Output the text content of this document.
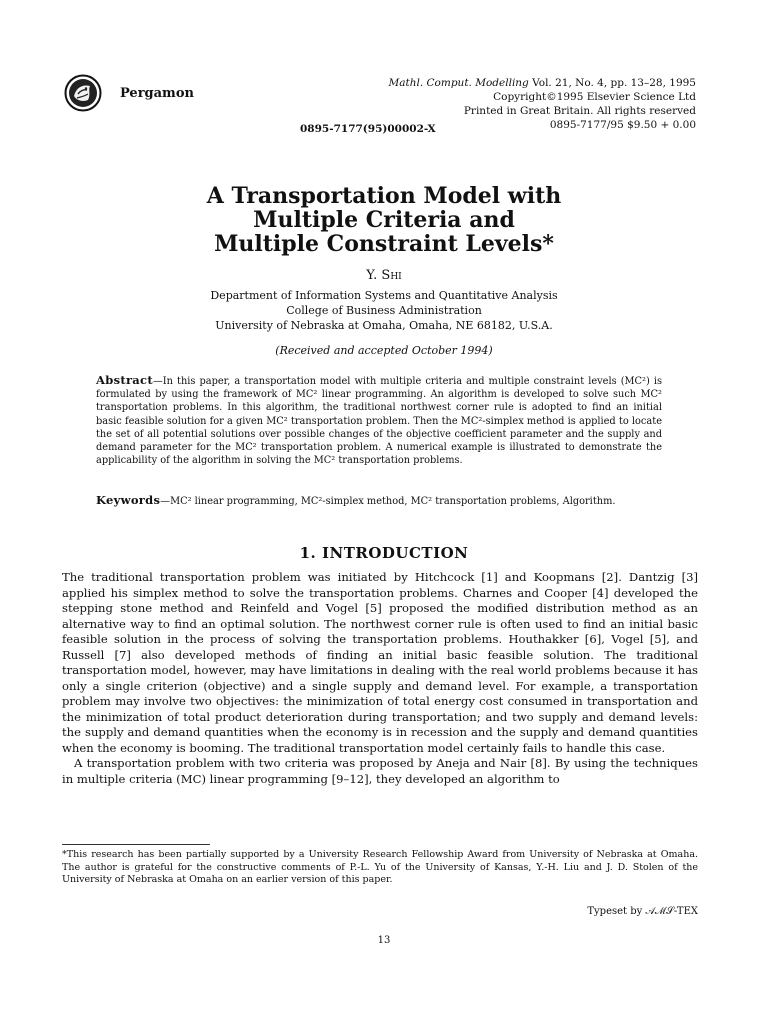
Pergamon
Mathl. Comput. Modelling Vol. 21, No. 4, pp. 13–28, 1995
Copyright©1995 Elsevier Science Ltd
Printed in Great Britain. All rights reserved
0895-7177/95 $9.50 + 0.00
0895-7177(95)00002-X
A Transportation Model with
Multiple Criteria and
Multiple Constraint Levels*
Y. Shi
Department of Information Systems and Quantitative Analysis
College of Business Administration
University of Nebraska at Omaha, Omaha, NE 68182, U.S.A.
(Received and accepted October 1994)
Abstract—In this paper, a transportation model with multiple criteria and multiple constraint levels (MC²) is formulated by using the framework of MC² linear programming. An algorithm is developed to solve such MC² transportation problems. In this algorithm, the traditional northwest corner rule is adopted to find an initial basic feasible solution for a given MC² transportation problem. Then the MC²-simplex method is applied to locate the set of all potential solutions over possible changes of the objective coefficient parameter and the supply and demand parameter for the MC² transportation problem. A numerical example is illustrated to demonstrate the applicability of the algorithm in solving the MC² transportation problems.
Keywords—MC² linear programming, MC²-simplex method, MC² transportation problems, Algorithm.
1. INTRODUCTION

The traditional transportation problem was initiated by Hitchcock [1] and Koopmans [2]. Dantzig [3] applied his simplex method to solve the transportation problems. Charnes and Cooper [4] developed the stepping stone method and Reinfeld and Vogel [5] proposed the modified distribution method as an alternative way to find an optimal solution. The northwest corner rule is often used to find an initial basic feasible solution in the process of solving the transportation problems. Houthakker [6], Vogel [5], and Russell [7] also developed methods of finding an initial basic feasible solution. The traditional transportation model, however, may have limitations in dealing with the real world problems because it has only a single criterion (objective) and a single supply and demand level. For example, a transportation problem may involve two objectives: the minimization of total energy cost consumed in transportation and the minimization of total product deterioration during transportation; and two supply and demand levels: the supply and demand quantities when the economy is in recession and the supply and demand quantities when the economy is booming. The traditional transportation model certainly fails to handle this case.

A transportation problem with two criteria was proposed by Aneja and Nair [8]. By using the techniques in multiple criteria (MC) linear programming [9–12], they developed an algorithm to

*This research has been partially supported by a University Research Fellowship Award from University of Nebraska at Omaha. The author is grateful for the constructive comments of P.-L. Yu of the University of Kansas, Y.-H. Liu and J. D. Stolen of the University of Nebraska at Omaha on an earlier version of this paper.
Typeset by 𝒜ℳ𝒮-TEX
13
